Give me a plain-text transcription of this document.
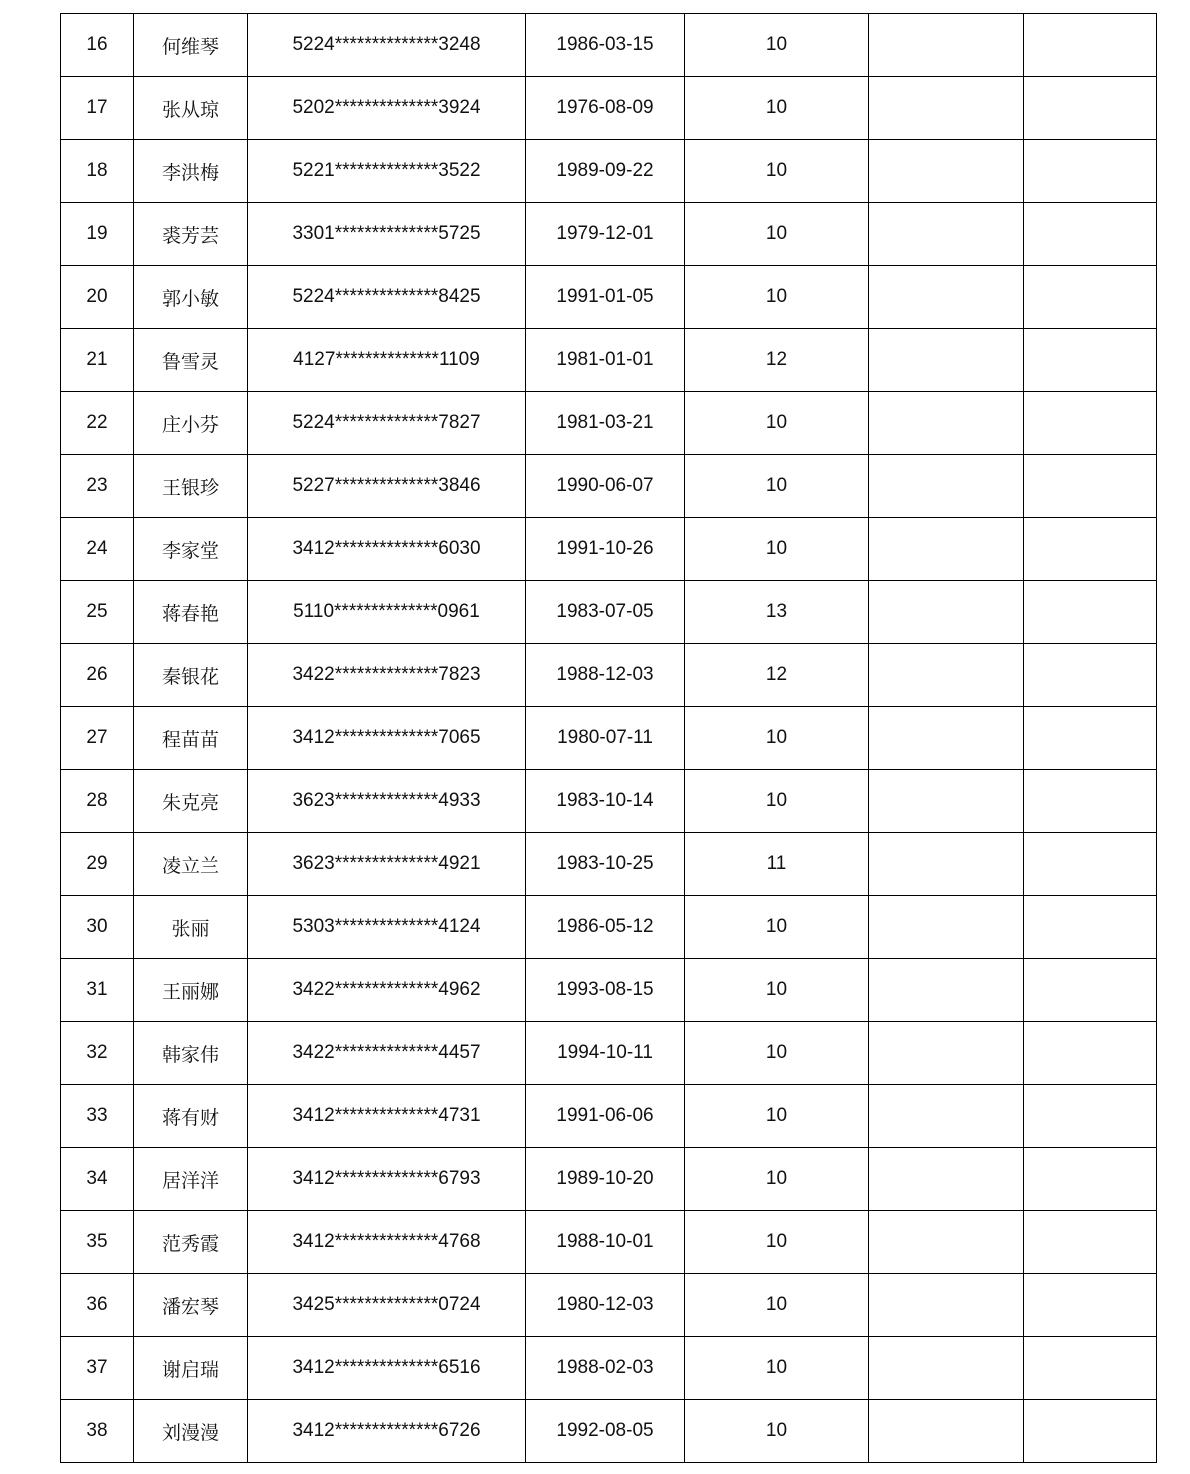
16	何维琴	5224**************3248	1986-03-15	10		
17	张从琼	5202**************3924	1976-08-09	10		
18	李洪梅	5221**************3522	1989-09-22	10		
19	裘芳芸	3301**************5725	1979-12-01	10		
20	郭小敏	5224**************8425	1991-01-05	10		
21	鲁雪灵	4127**************1109	1981-01-01	12		
22	庄小芬	5224**************7827	1981-03-21	10		
23	王银珍	5227**************3846	1990-06-07	10		
24	李家堂	3412**************6030	1991-10-26	10		
25	蒋春艳	5110**************0961	1983-07-05	13		
26	秦银花	3422**************7823	1988-12-03	12		
27	程苗苗	3412**************7065	1980-07-11	10		
28	朱克亮	3623**************4933	1983-10-14	10		
29	凌立兰	3623**************4921	1983-10-25	11		
30	张丽	5303**************4124	1986-05-12	10		
31	王丽娜	3422**************4962	1993-08-15	10		
32	韩家伟	3422**************4457	1994-10-11	10		
33	蒋有财	3412**************4731	1991-06-06	10		
34	居洋洋	3412**************6793	1989-10-20	10		
35	范秀霞	3412**************4768	1988-10-01	10		
36	潘宏琴	3425**************0724	1980-12-03	10		
37	谢启瑞	3412**************6516	1988-02-03	10		
38	刘漫漫	3412**************6726	1992-08-05	10		
